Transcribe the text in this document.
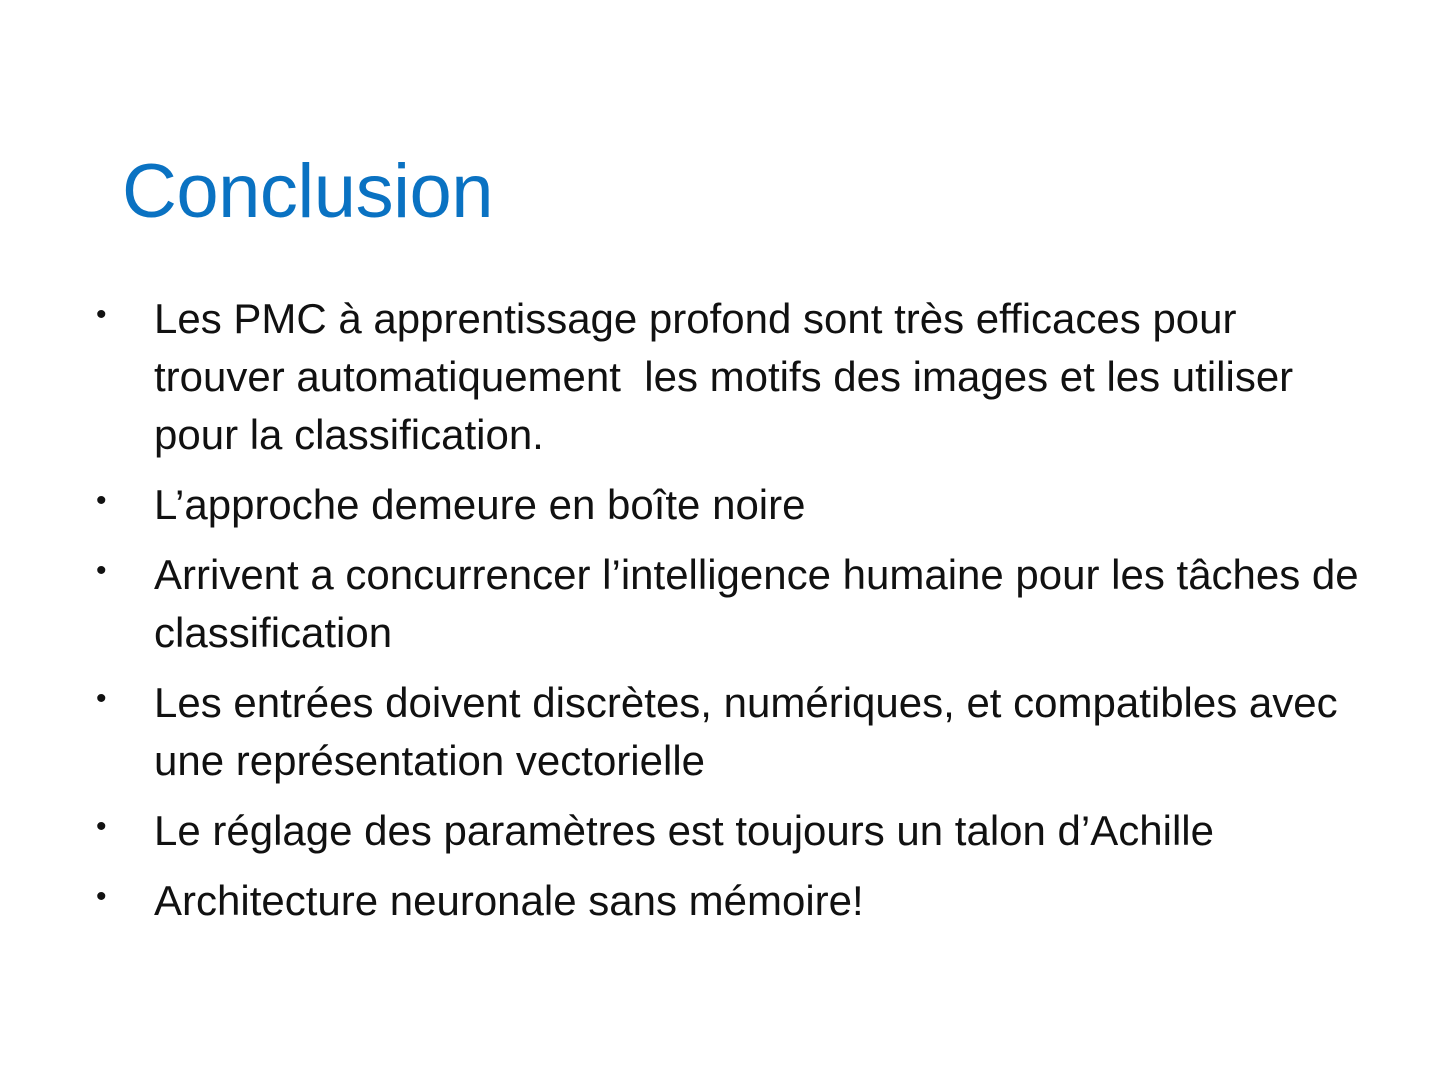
Conclusion
•	Les PMC à apprentissage profond sont très efficaces pour trouver automatiquement  les motifs des images et les utiliser pour la classification.
•	L’approche demeure en boîte noire
•	Arrivent a concurrencer l’intelligence humaine pour les tâches de classification
•	Les entrées doivent discrètes, numériques, et compatibles avec une représentation vectorielle
•	Le réglage des paramètres est toujours un talon d’Achille
•	Architecture neuronale sans mémoire!
